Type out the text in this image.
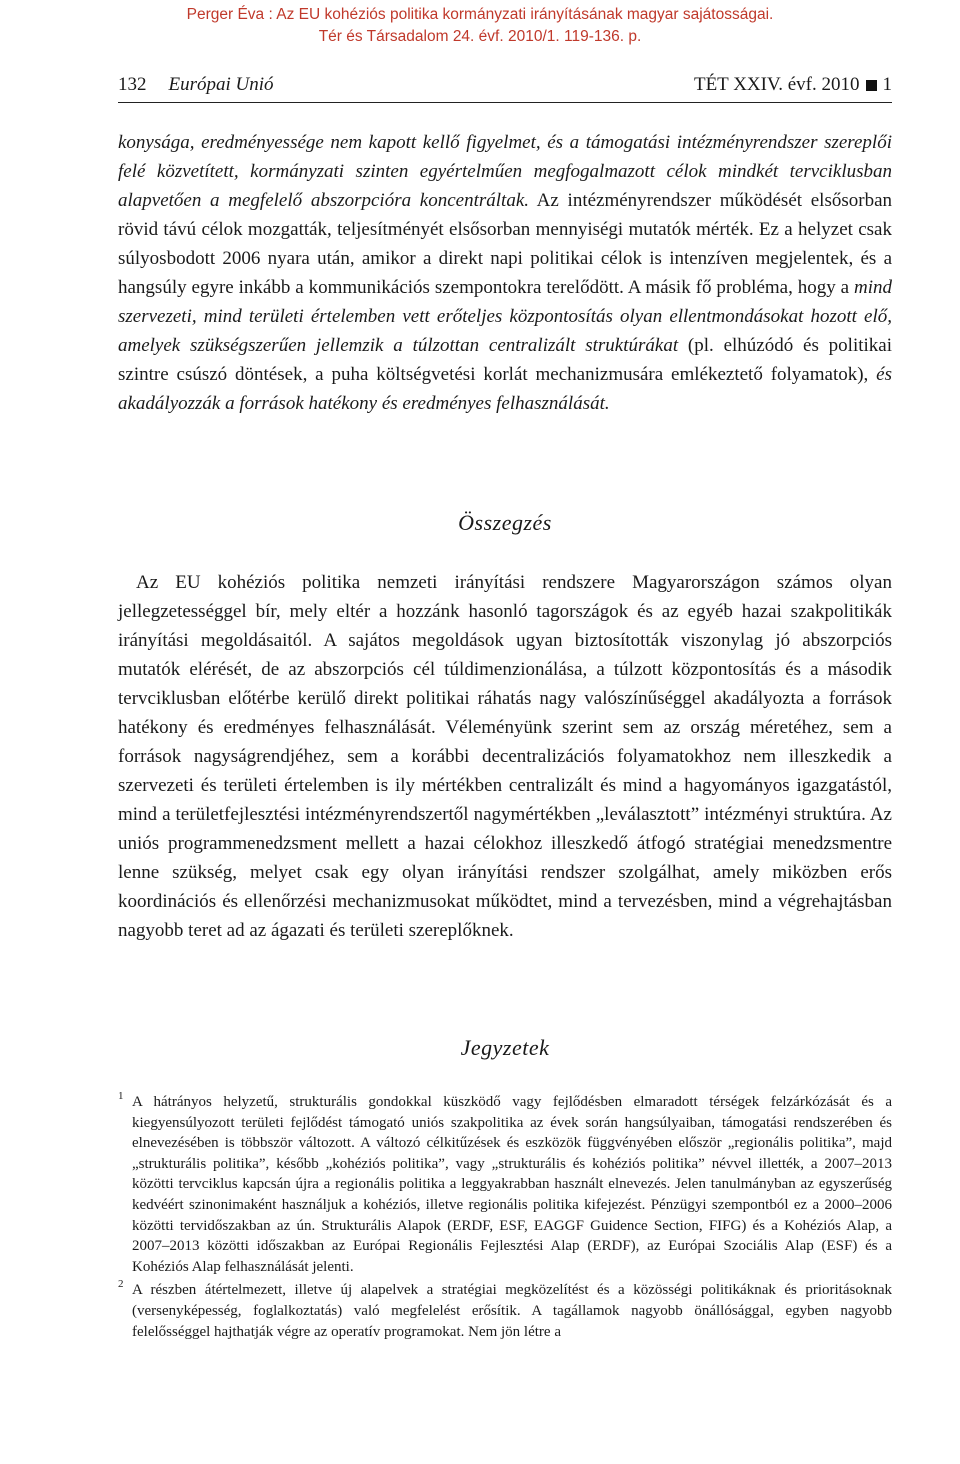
Perger Éva : Az EU kohéziós politika kormányzati irányításának magyar sajátosságai.
Tér és Társadalom 24. évf. 2010/1. 119-136. p.
132 Európai Unió	TÉT XXIV. évf. 2010 1
konysága, eredményessége nem kapott kellő figyelmet, és a támogatási intézményrendszer szereplői felé közvetített, kormányzati szinten egyértelműen megfogalmazott célok mindkét tervciklusban alapvetően a megfelelő abszorpcióra koncentráltak. Az intézményrendszer működését elsősorban rövid távú célok mozgatták, teljesítményét elsősorban mennyiségi mutatók mérték. Ez a helyzet csak súlyosbodott 2006 nyara után, amikor a direkt napi politikai célok is intenzíven megjelentek, és a hangsúly egyre inkább a kommunikációs szempontokra terelődött. A másik fő probléma, hogy a mind szervezeti, mind területi értelemben vett erőteljes központosítás olyan ellentmondásokat hozott elő, amelyek szükségszerűen jellemzik a túlzottan centralizált struktúrákat (pl. elhúzódó és politikai szintre csúszó döntések, a puha költségvetési korlát mechanizmusára emlékeztető folyamatok), és akadályozzák a források hatékony és eredményes felhasználását.
Összegzés
Az EU kohéziós politika nemzeti irányítási rendszere Magyarországon számos olyan jellegzetességgel bír, mely eltér a hozzánk hasonló tagországok és az egyéb hazai szakpolitikák irányítási megoldásaitól. A sajátos megoldások ugyan biztosították viszonylag jó abszorpciós mutatók elérését, de az abszorpciós cél túldimenzionálása, a túlzott központosítás és a második tervciklusban előtérbe kerülő direkt politikai ráhatás nagy valószínűséggel akadályozta a források hatékony és eredményes felhasználását. Véleményünk szerint sem az ország méretéhez, sem a források nagyságrendjéhez, sem a korábbi decentralizációs folyamatokhoz nem illeszkedik a szervezeti és területi értelemben is ily mértékben centralizált és mind a hagyományos igazgatástól, mind a területfejlesztési intézményrendszertől nagymértékben „leválasztott” intézményi struktúra. Az uniós programmenedzsment mellett a hazai célokhoz illeszkedő átfogó stratégiai menedzsmentre lenne szükség, melyet csak egy olyan irányítási rendszer szolgálhat, amely miközben erős koordinációs és ellenőrzési mechanizmusokat működtet, mind a tervezésben, mind a végrehajtásban nagyobb teret ad az ágazati és területi szereplőknek.
Jegyzetek
1 A hátrányos helyzetű, strukturális gondokkal küszködő vagy fejlődésben elmaradott térségek felzárkózását és a kiegyensúlyozott területi fejlődést támogató uniós szakpolitika az évek során hangsúlyaiban, támogatási rendszerében és elnevezésében is többször változott. A változó célkitűzések és eszközök függvényében először „regionális politika”, majd „strukturális politika”, később „kohéziós politika”, vagy „strukturális és kohéziós politika” névvel illették, a 2007–2013 közötti tervciklus kapcsán újra a regionális politika a leggyakrabban használt elnevezés. Jelen tanulmányban az egyszerűség kedvéért szinonimaként használjuk a kohéziós, illetve regionális politika kifejezést. Pénzügyi szempontból ez a 2000–2006 közötti tervidőszakban az ún. Strukturális Alapok (ERDF, ESF, EAGGF Guidence Section, FIFG) és a Kohéziós Alap, a 2007–2013 közötti időszakban az Európai Regionális Fejlesztési Alap (ERDF), az Európai Szociális Alap (ESF) és a Kohéziós Alap felhasználását jelenti.
2 A részben átértelmezett, illetve új alapelvek a stratégiai megközelítést és a közösségi politikáknak és prioritásoknak (versenyképesség, foglalkoztatás) való megfelelést erősítik. A tagállamok nagyobb önállósággal, egyben nagyobb felelősséggel hajthatják végre az operatív programokat. Nem jön létre a
